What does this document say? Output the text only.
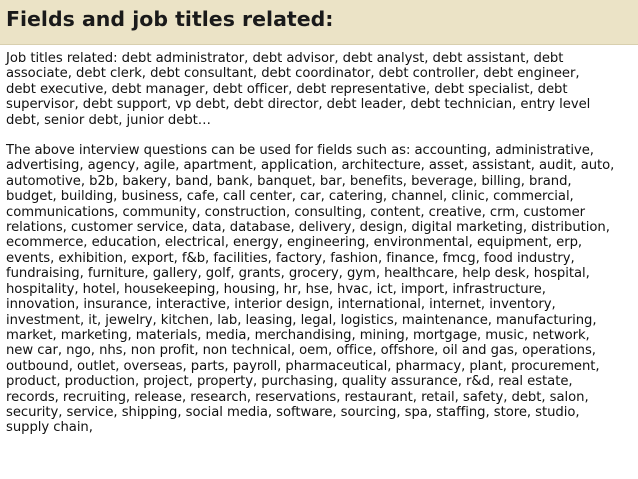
Fields and job titles related:

Job titles related: debt administrator, debt advisor, debt analyst, debt assistant, debt
associate, debt clerk, debt consultant, debt coordinator, debt controller, debt engineer,
debt executive, debt manager, debt officer, debt representative, debt specialist, debt
supervisor, debt support, vp debt, debt director, debt leader, debt technician, entry level
debt, senior debt, junior debt…

The above interview questions can be used for fields such as: accounting, administrative,
advertising, agency, agile, apartment, application, architecture, asset, assistant, audit, auto,
automotive, b2b, bakery, band, bank, banquet, bar, benefits, beverage, billing, brand,
budget, building, business, cafe, call center, car, catering, channel, clinic, commercial,
communications, community, construction, consulting, content, creative, crm, customer
relations, customer service, data, database, delivery, design, digital marketing, distribution,
ecommerce, education, electrical, energy, engineering, environmental, equipment, erp,
events, exhibition, export, f&b, facilities, factory, fashion, finance, fmcg, food industry,
fundraising, furniture, gallery, golf, grants, grocery, gym, healthcare, help desk, hospital,
hospitality, hotel, housekeeping, housing, hr, hse, hvac, ict, import, infrastructure,
innovation, insurance, interactive, interior design, international, internet, inventory,
investment, it, jewelry, kitchen, lab, leasing, legal, logistics, maintenance, manufacturing,
market, marketing, materials, media, merchandising, mining, mortgage, music, network,
new car, ngo, nhs, non profit, non technical, oem, office, offshore, oil and gas, operations,
outbound, outlet, overseas, parts, payroll, pharmaceutical, pharmacy, plant, procurement,
product, production, project, property, purchasing, quality assurance, r&d, real estate,
records, recruiting, release, research, reservations, restaurant, retail, safety, debt, salon,
security, service, shipping, social media, software, sourcing, spa, staffing, store, studio,
supply chain,
